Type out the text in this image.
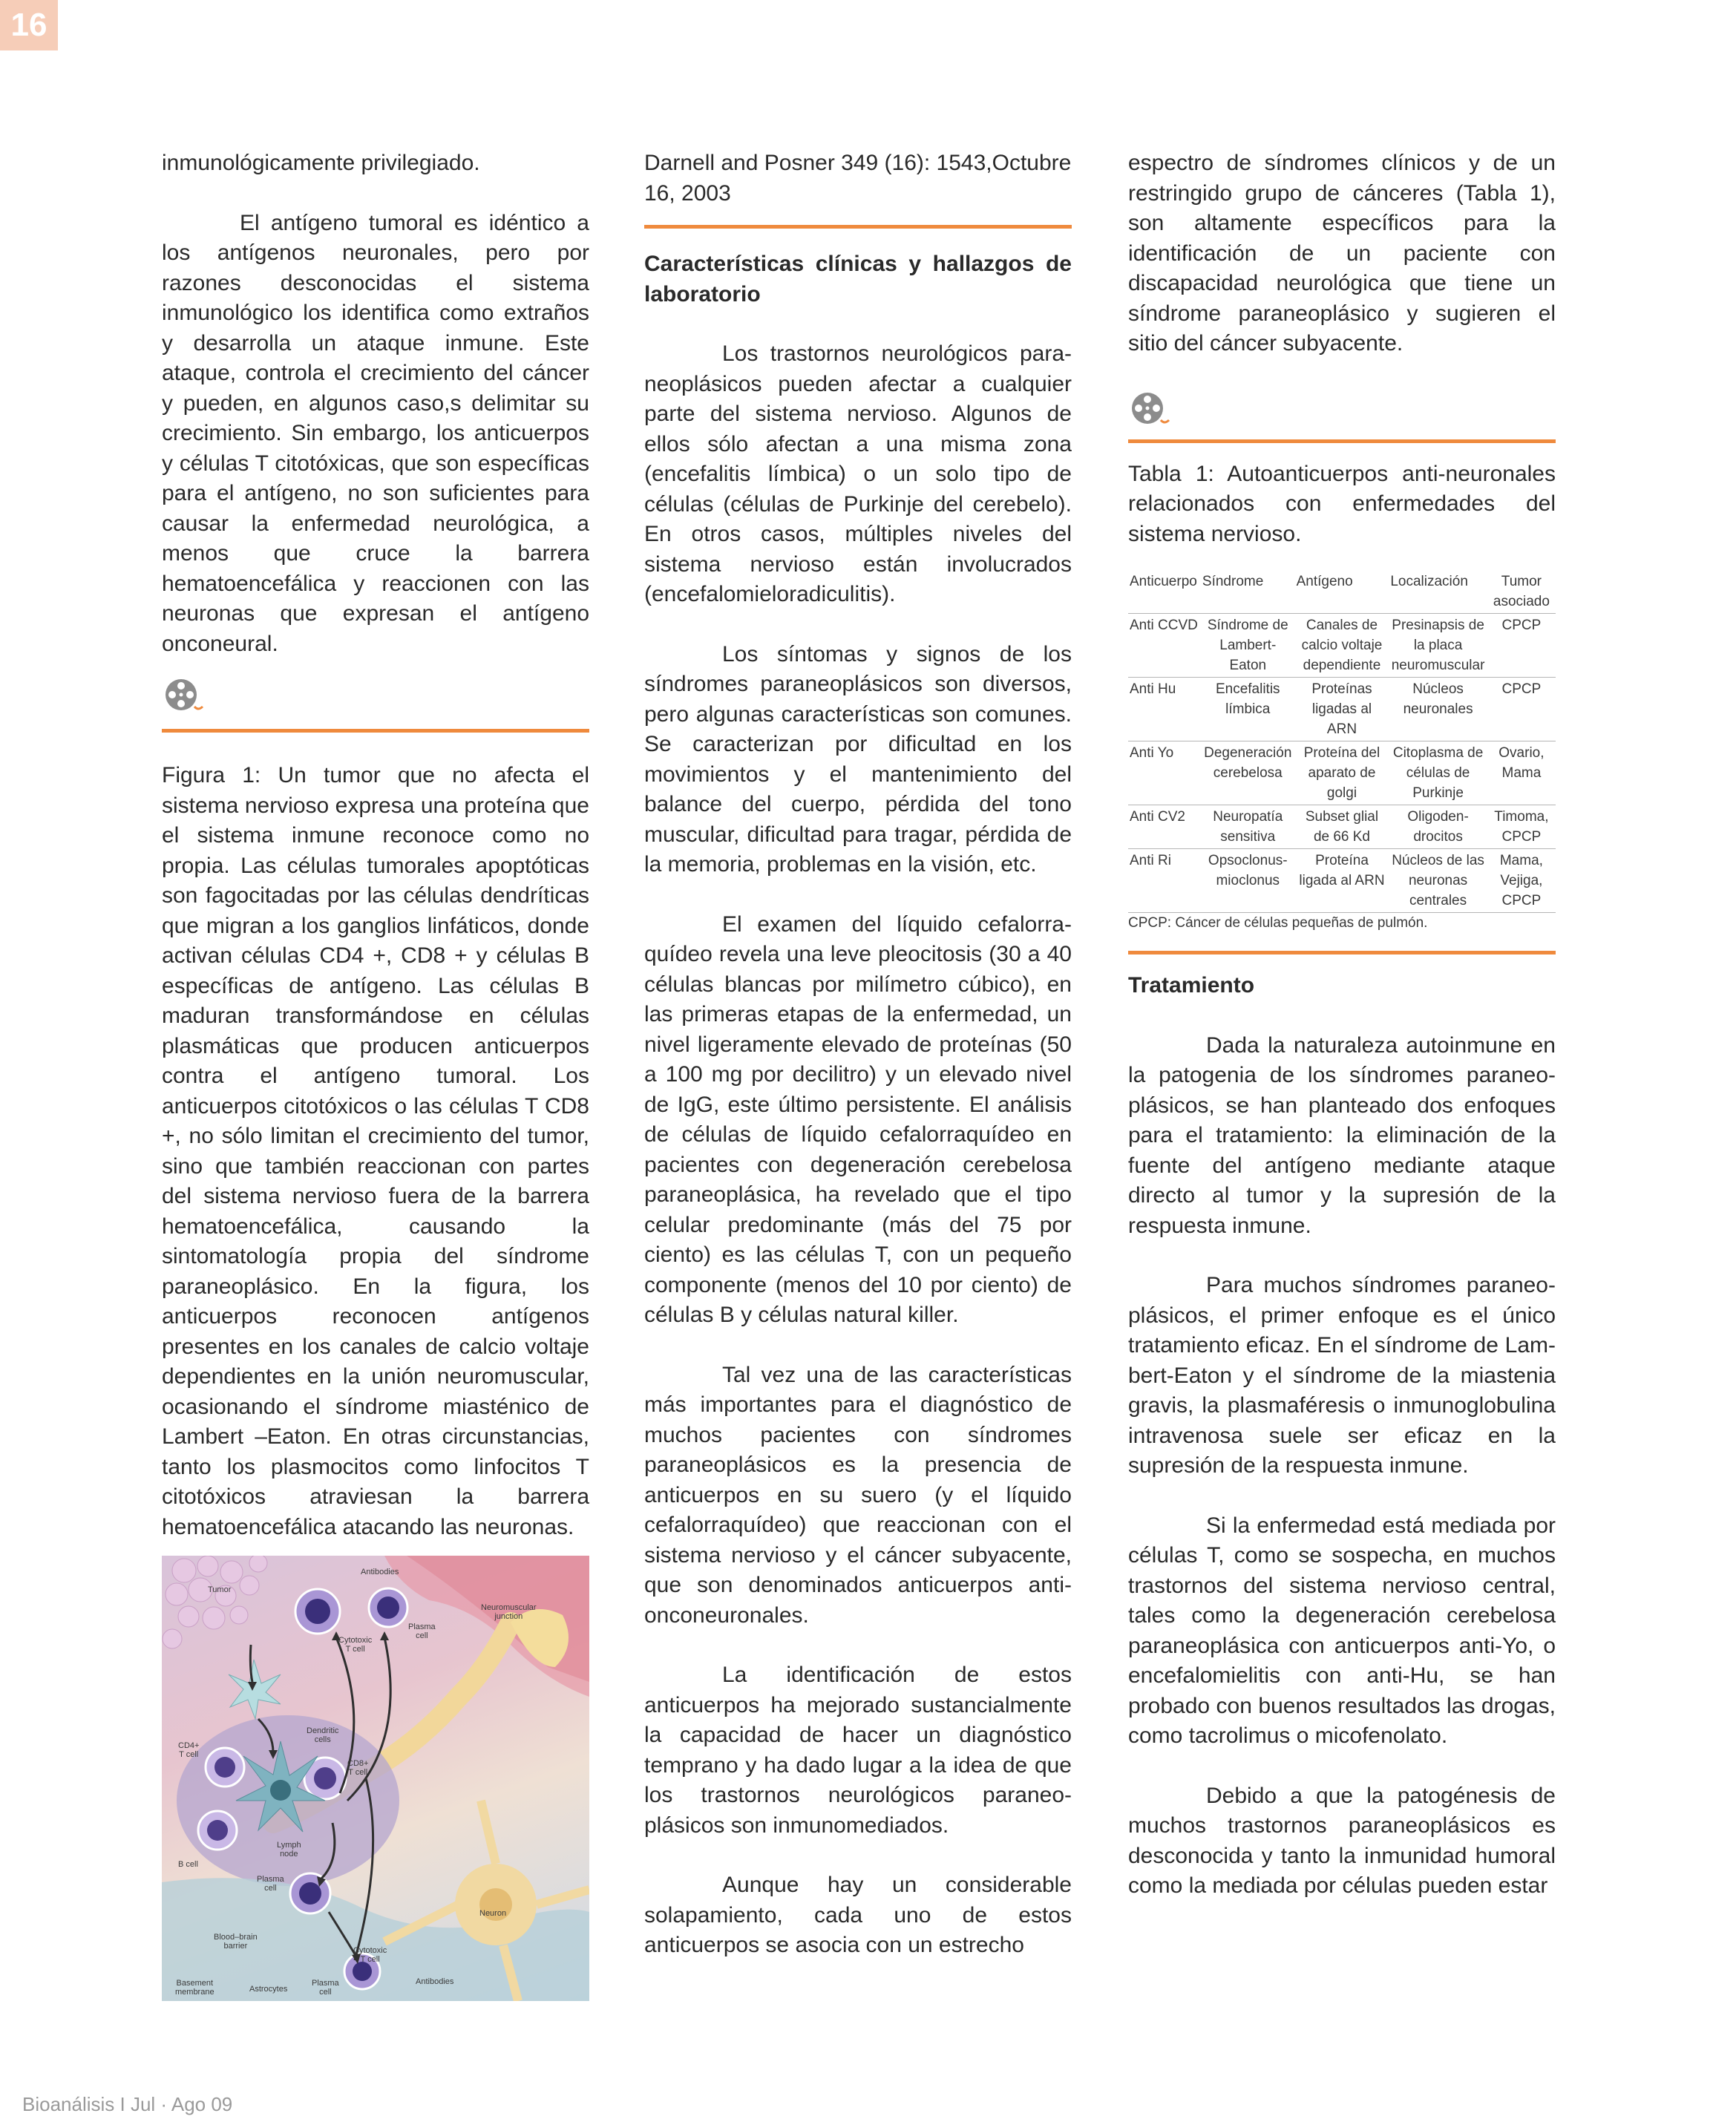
16

inmunológicamente privilegiado.

El antígeno tumoral es idéntico a los antígenos neuronales, pero por razones desconocidas el sistema inmunológico los identifica como extraños y desarrolla un ataque inmune. Este ataque, controla el crecimiento del cáncer y pueden, en algunos caso,s delimitar su crecimiento. Sin embargo, los anticuerpos y células T citotóxicas, que son específicas para el antígeno, no son suficientes para causar la enfermedad neurológica, a menos que cruce la barrera hematoencefálica y reaccionen con las neuronas que expresan el antígeno onconeural.

Figura 1: Un tumor que no afecta el sistema nervioso expresa una proteína que el sistema inmune reconoce como no propia. Las células tumorales apoptóticas son fagocitadas por las células dendríticas que migran a los ganglios linfáticos, donde activan células CD4 +, CD8 + y células B específicas de antígeno. Las células B maduran transformándose en células plasmáticas que producen anticuerpos contra el antígeno tumoral. Los anticuerpos citotóxicos o las células T CD8 +, no sólo limitan el crecimiento del tumor, sino que también reaccionan con partes del sistema nervioso fuera de la barrera hematoencefálica, causando la sintomatología propia del síndrome paraneoplásico. En la figura, los anticuerpos reconocen antígenos presentes en los canales de calcio voltaje dependientes en la unión neuromuscular, ocasionando el síndrome miasténico de Lambert –Eaton. En otras circunstancias, tanto los plasmocitos como linfocitos T citotóxicos atraviesan la barrera hematoencefálica atacando las neuronas.

Tumor
Antibodies
Cytotoxic
T cell
Plasma
cell
Neuromuscular
junction
Dendritic
cells
CD4+
T cell
CD8+
T cell
Lymph
node
B cell
Plasma
cell
Neuron
Blood–brain
barrier	Cytotoxic
T cell
Basement
membrane	Astrocytes
Plasma
cell
Antibodies

Darnell and Posner 349 (16): 1543,Octubre 16, 2003

Características clínicas y hallazgos de laboratorio

Los trastornos neurológicos paraneoplásicos pueden afectar a cualquier parte del sistema nervioso. Algunos de ellos sólo afectan a una misma zona (encefalitis límbica) o un solo tipo de células (células de Purkinje del cerebelo). En otros casos, múltiples niveles del sistema nervioso están involucrados (encefalomieloradiculitis).

Los síntomas y signos de los síndromes paraneoplásicos son diversos, pero algunas características son comunes. Se caracterizan por dificultad en los movimientos y el mantenimiento del balance del cuerpo, pérdida del tono muscular, dificultad para tragar, pérdida de la memoria, problemas en la visión, etc.

El examen del líquido cefalorraquídeo revela una leve pleocitosis (30 a 40 células blancas por milímetro cúbico), en las primeras etapas de la enfermedad, un nivel ligeramente elevado de proteínas (50 a 100 mg por decilitro) y un elevado nivel de IgG, este último persistente. El análisis de células de líquido cefalorraquídeo en pacientes con degeneración cerebelosa paraneoplásica, ha revelado que el tipo celular predominante (más del 75 por ciento) es las células T, con un pequeño componente (menos del 10 por ciento) de células B y células natural killer.

Tal vez una de las características más importantes para el diagnóstico de muchos pacientes con síndromes paraneoplásicos es la presencia de anticuerpos en su suero (y el líquido cefalorraquídeo) que reaccionan con el sistema nervioso y el cáncer subyacente, que son denominados anticuerpos antionconeuronales.

La identificación de estos anticuerpos ha mejorado sustancialmente la capacidad de hacer un diagnóstico temprano y ha dado lugar a la idea de que los trastornos neurológicos paraneoplásicos son inmunomediados.

Aunque hay un considerable solapamiento, cada uno de estos anticuerpos se asocia con un estrecho

espectro de síndromes clínicos y de un restringido grupo de cánceres (Tabla 1), son altamente específicos para la identificación de un paciente con discapacidad neurológica que tiene un síndrome paraneoplásico y sugieren el sitio del cáncer subyacente.

Tabla 1: Autoanticuerpos anti-neuronales relacionados con enfermedades del sistema nervioso.

Anticuerpo	Síndrome	Antígeno	Localización	Tumor asociado
Anti CCVD	Síndrome de Lambert-Eaton	Canales de calcio voltaje dependiente	Presinapsis de la placa neuromuscular	CPCP
Anti Hu	Encefalitis límbica	Proteínas ligadas al ARN	Núcleos neuronales	CPCP
Anti Yo	Degeneración cerebelosa	Proteína del aparato de golgi	Citoplasma de células de Purkinje	Ovario, Mama
Anti CV2	Neuropatía sensitiva	Subset glial de 66 Kd	Oligodendrocitos	Timoma, CPCP
Anti Ri	Opsoclonus-mioclonus	Proteína ligada al ARN	Núcleos de las neuronas centrales	Mama, Vejiga, CPCP

CPCP: Cáncer de células pequeñas de pulmón.

Tratamiento

Dada la naturaleza autoinmune en la patogenia de los síndromes paraneoplásicos, se han planteado dos enfoques para el tratamiento: la eliminación de la fuente del antígeno mediante ataque directo al tumor y la supresión de la respuesta inmune.

Para muchos síndromes paraneoplásicos, el primer enfoque es el único tratamiento eficaz. En el síndrome de Lambert-Eaton y el síndrome de la miastenia gravis, la plasmaféresis o inmunoglobulina intravenosa suele ser eficaz en la supresión de la respuesta inmune.

Si la enfermedad está mediada por células T, como se sospecha, en muchos trastornos del sistema nervioso central, tales como la degeneración cerebelosa paraneoplásica con anticuerpos anti-Yo, o encefalomielitis con anti-Hu, se han probado con buenos resultados las drogas, como tacrolimus o micofenolato.

Debido a que la patogénesis de muchos trastornos paraneoplásicos es desconocida y tanto la inmunidad humoral como la mediada por células pueden estar

Bioanálisis I Jul · Ago 09
